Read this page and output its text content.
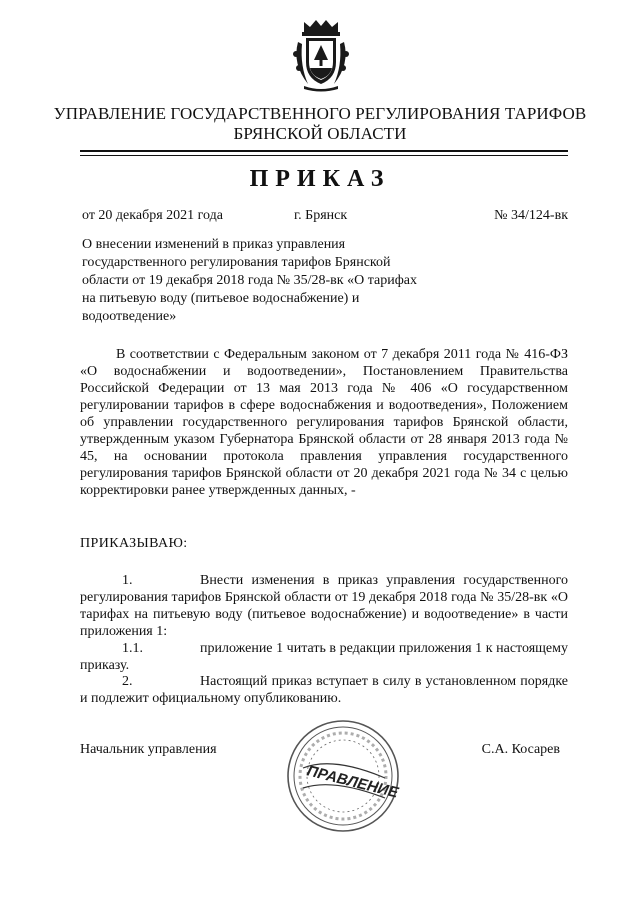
УПРАВЛЕНИЕ ГОСУДАРСТВЕННОГО РЕГУЛИРОВАНИЯ ТАРИФОВ
БРЯНСКОЙ ОБЛАСТИ
ПРИКАЗ
от 20 декабря 2021 года	г. Брянск	№ 34/124-вк
О внесении изменений в приказ управления государственного регулирования тарифов Брянской области от 19 декабря 2018 года № 35/28-вк «О тарифах на питьевую воду (питьевое водоснабжение) и водоотведение»
В соответствии с Федеральным законом от 7 декабря 2011 года № 416-ФЗ «О водоснабжении и водоотведении», Постановлением Правительства Российской Федерации от 13 мая 2013 года № 406 «О государственном регулировании тарифов в сфере водоснабжения и водоотведения», Положением об управлении государственного регулирования тарифов Брянской области, утвержденным указом Губернатора Брянской области от 28 января 2013 года № 45, на основании протокола правления управления государственного регулирования тарифов Брянской области от 20 декабря 2021 года № 34 с целью корректировки ранее утвержденных данных, -
ПРИКАЗЫВАЮ:
1.	Внести изменения в приказ управления государственного регулирования тарифов Брянской области от 19 декабря 2018 года № 35/28-вк «О тарифах на питьевую воду (питьевое водоснабжение) и водоотведение» в части приложения 1:
1.1.	приложение 1 читать в редакции приложения 1 к настоящему приказу.
2.	Настоящий приказ вступает в силу в установленном порядке и подлежит официальному опубликованию.
Начальник управления	С.А. Косарев
ПРАВЛЕНИЕ
